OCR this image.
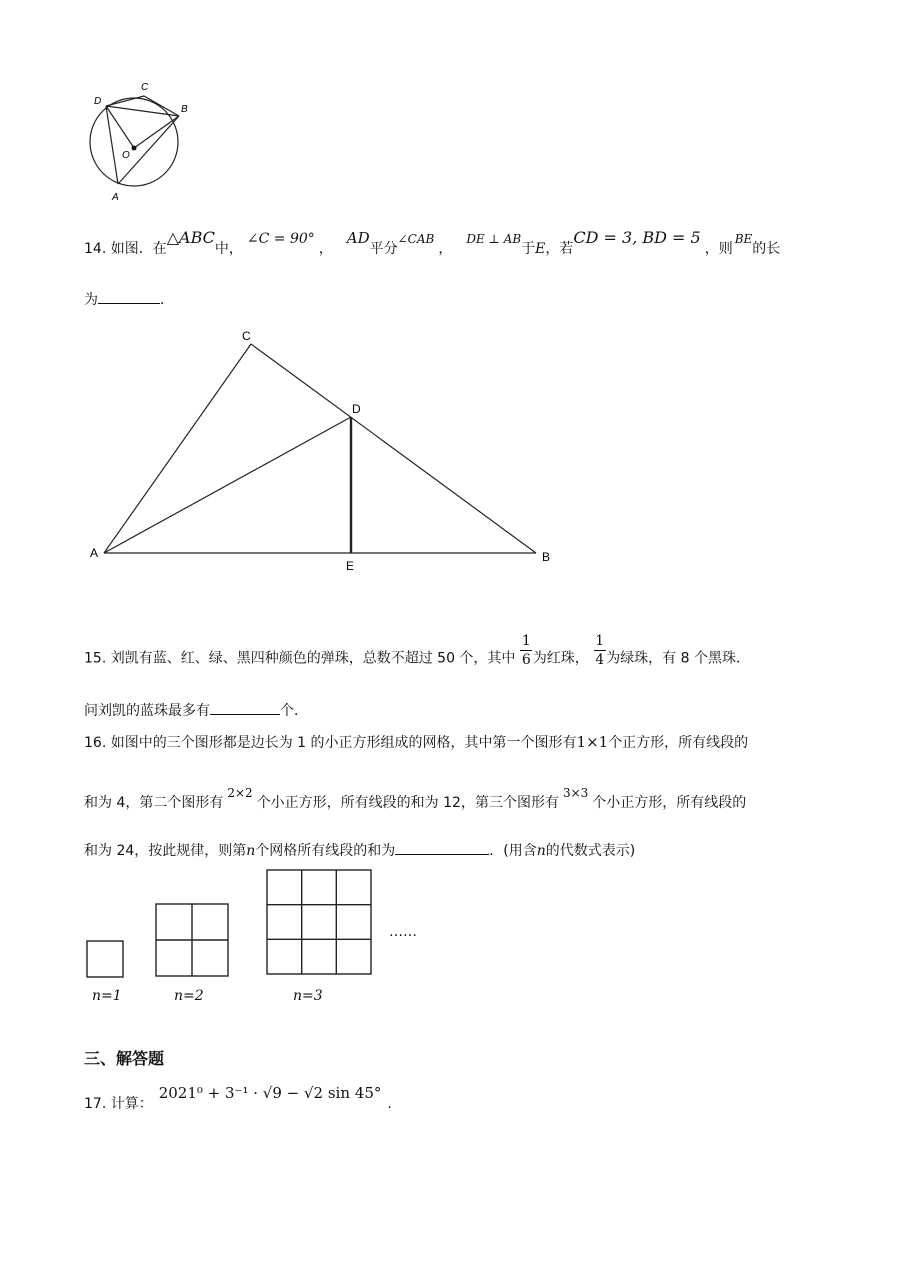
D
C
B
O
A
14. 如图．在△ABC中，∠C = 90°，AD平分∠CAB，DE ⊥ AB于E，若CD = 3, BD = 5，则BE的长
为	．
C
D
A
E
B
15. 刘凯有蓝、红、绿、黑四种颜色的弹珠，总数不超过 50 个，其中 $\frac{1}{6}$ 为红珠， $\frac{1}{4}$ 为绿珠，有 8 个黑珠．
问刘凯的蓝珠最多有	个．
16. 如图中的三个图形都是边长为 1 的小正方形组成的网格，其中第一个图形有1×1个正方形，所有线段的
和为 4，第二个图形有2×2个小正方形，所有线段的和为 12，第三个图形有3×3个小正方形，所有线段的
和为 24，按此规律，则第n个网格所有线段的和为	．(用含n的代数式表示)
……
n=1	n=2	n=3
三、解答题
17. 计算：2021⁰ + 3⁻¹ · √9 − √2 sin 45°.
